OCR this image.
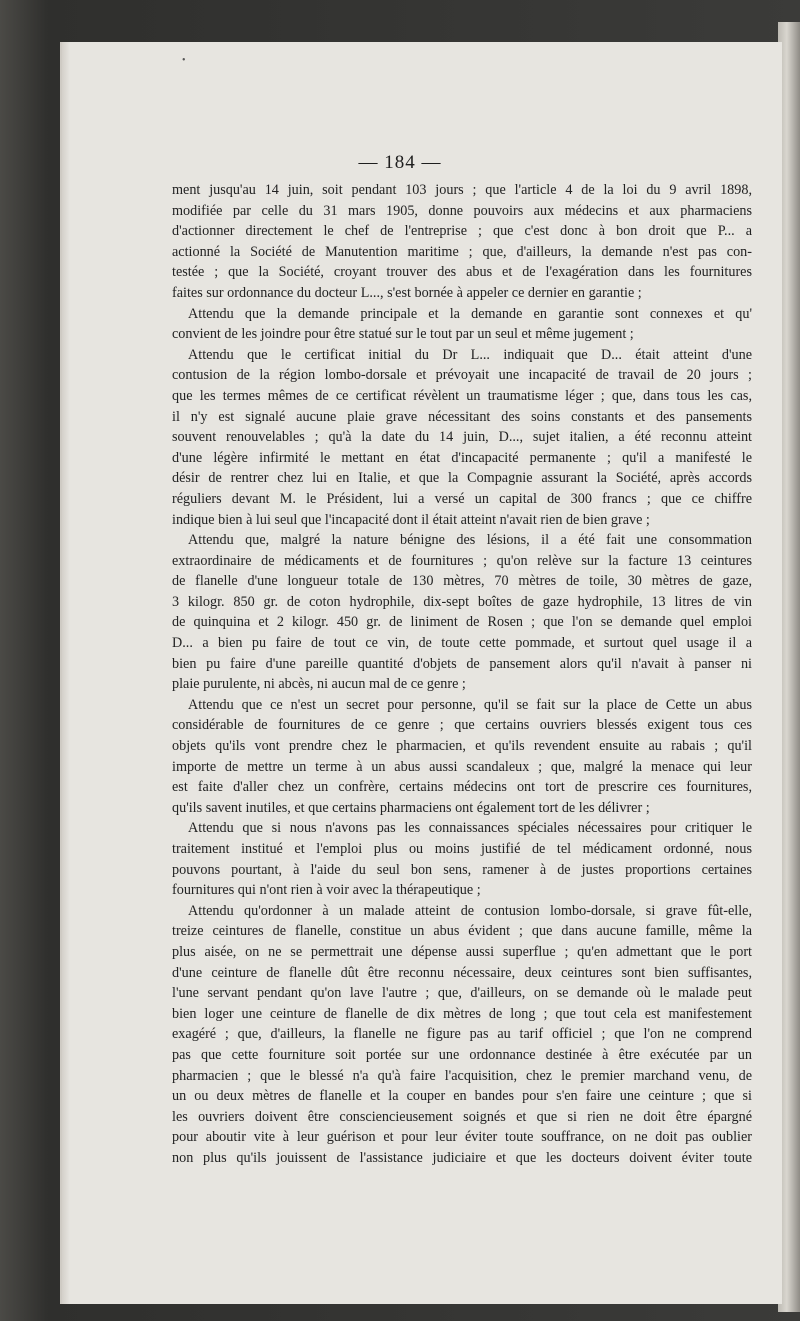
•
— 184 —

ment jusqu'au 14 juin, soit pendant 103 jours ; que l'article 4 de la loi du 9 avril 1898,

modifiée par celle du 31 mars 1905, donne pouvoirs aux médecins et aux pharmaciens

d'actionner directement le chef de l'entreprise ; que c'est donc à bon droit que P... a

actionné la Société de Manutention maritime ; que, d'ailleurs, la demande n'est pas con-

testée ; que la Société, croyant trouver des abus et de l'exagération dans les fournitures

faites sur ordonnance du docteur L..., s'est bornée à appeler ce dernier en garantie ;

Attendu que la demande principale et la demande en garantie sont connexes et qu'

convient de les joindre pour être statué sur le tout par un seul et même jugement ;

Attendu que le certificat initial du Dr L... indiquait que D... était atteint d'une

contusion de la région lombo-dorsale et prévoyait une incapacité de travail de 20 jours ;

que les termes mêmes de ce certificat révèlent un traumatisme léger ; que, dans tous les cas,

il n'y est signalé aucune plaie grave nécessitant des soins constants et des pansements

souvent renouvelables ; qu'à la date du 14 juin, D..., sujet italien, a été reconnu atteint

d'une légère infirmité le mettant en état d'incapacité permanente ; qu'il a manifesté le

désir de rentrer chez lui en Italie, et que la Compagnie assurant la Société, après accords

réguliers devant M. le Président, lui a versé un capital de 300 francs ; que ce chiffre

indique bien à lui seul que l'incapacité dont il était atteint n'avait rien de bien grave ;

Attendu que, malgré la nature bénigne des lésions, il a été fait une consommation

extraordinaire de médicaments et de fournitures ; qu'on relève sur la facture 13 ceintures

de flanelle d'une longueur totale de 130 mètres, 70 mètres de toile, 30 mètres de gaze,

3 kilogr. 850 gr. de coton hydrophile, dix-sept boîtes de gaze hydrophile, 13 litres de vin

de quinquina et 2 kilogr. 450 gr. de liniment de Rosen ; que l'on se demande quel emploi

D... a bien pu faire de tout ce vin, de toute cette pommade, et surtout quel usage il a

bien pu faire d'une pareille quantité d'objets de pansement alors qu'il n'avait à panser ni

plaie purulente, ni abcès, ni aucun mal de ce genre ;

Attendu que ce n'est un secret pour personne, qu'il se fait sur la place de Cette un abus

considérable de fournitures de ce genre ; que certains ouvriers blessés exigent tous ces

objets qu'ils vont prendre chez le pharmacien, et qu'ils revendent ensuite au rabais ; qu'il

importe de mettre un terme à un abus aussi scandaleux ; que, malgré la menace qui leur

est faite d'aller chez un confrère, certains médecins ont tort de prescrire ces fournitures,

qu'ils savent inutiles, et que certains pharmaciens ont également tort de les délivrer ;

Attendu que si nous n'avons pas les connaissances spéciales nécessaires pour critiquer le

traitement institué et l'emploi plus ou moins justifié de tel médicament ordonné, nous

pouvons pourtant, à l'aide du seul bon sens, ramener à de justes proportions certaines

fournitures qui n'ont rien à voir avec la thérapeutique ;

Attendu qu'ordonner à un malade atteint de contusion lombo-dorsale, si grave fût-elle,

treize ceintures de flanelle, constitue un abus évident ; que dans aucune famille, même la

plus aisée, on ne se permettrait une dépense aussi superflue ; qu'en admettant que le port

d'une ceinture de flanelle dût être reconnu nécessaire, deux ceintures sont bien suffisantes,

l'une servant pendant qu'on lave l'autre ; que, d'ailleurs, on se demande où le malade peut

bien loger une ceinture de flanelle de dix mètres de long ; que tout cela est manifestement

exagéré ; que, d'ailleurs, la flanelle ne figure pas au tarif officiel ; que l'on ne comprend

pas que cette fourniture soit portée sur une ordonnance destinée à être exécutée par un

pharmacien ; que le blessé n'a qu'à faire l'acquisition, chez le premier marchand venu, de

un ou deux mètres de flanelle et la couper en bandes pour s'en faire une ceinture ; que si

les ouvriers doivent être consciencieusement soignés et que si rien ne doit être épargné

pour aboutir vite à leur guérison et pour leur éviter toute souffrance, on ne doit pas oublier

non plus qu'ils jouissent de l'assistance judiciaire et que les docteurs doivent éviter toute
